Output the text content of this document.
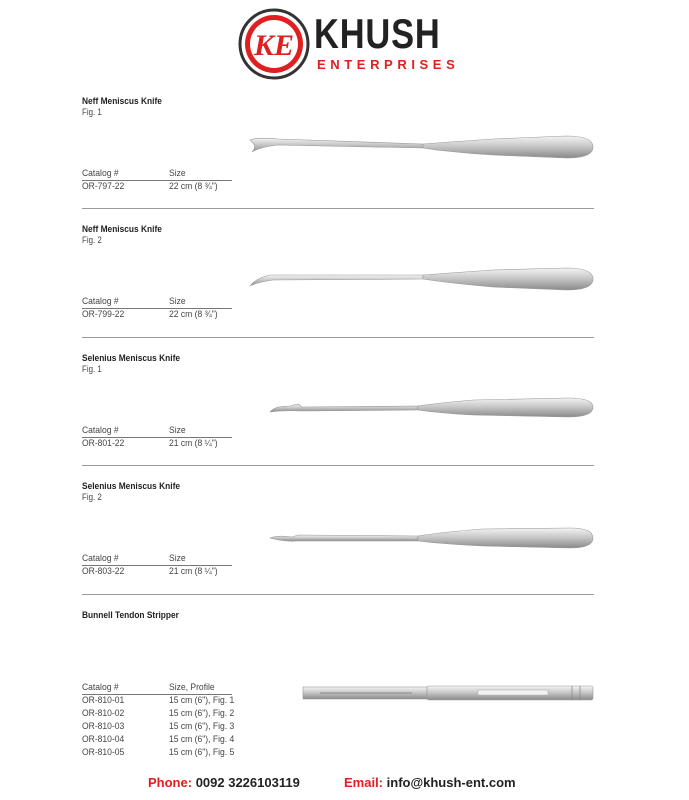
KE KHUSH
ENTERPRISES
Neff Meniscus Knife
Fig. 1
Catalog #	Size
OR-797-22	22 cm (8 ¾")
Neff Meniscus Knife
Fig. 2
Catalog #	Size
OR-799-22	22 cm (8 ¾")
Selenius Meniscus Knife
Fig. 1
Catalog #	Size
OR-801-22	21 cm (8 ¼")
Selenius Meniscus Knife
Fig. 2
Catalog #	Size
OR-803-22	21 cm (8 ¼")
Bunnell Tendon Stripper
Catalog #	Size, Profile
OR-810-01	15 cm (6"), Fig. 1
OR-810-02	15 cm (6"), Fig. 2
OR-810-03	15 cm (6"), Fig. 3
OR-810-04	15 cm (6"), Fig. 4
OR-810-05	15 cm (6"), Fig. 5
Phone: 0092 3226103119	Email: info@khush-ent.com
